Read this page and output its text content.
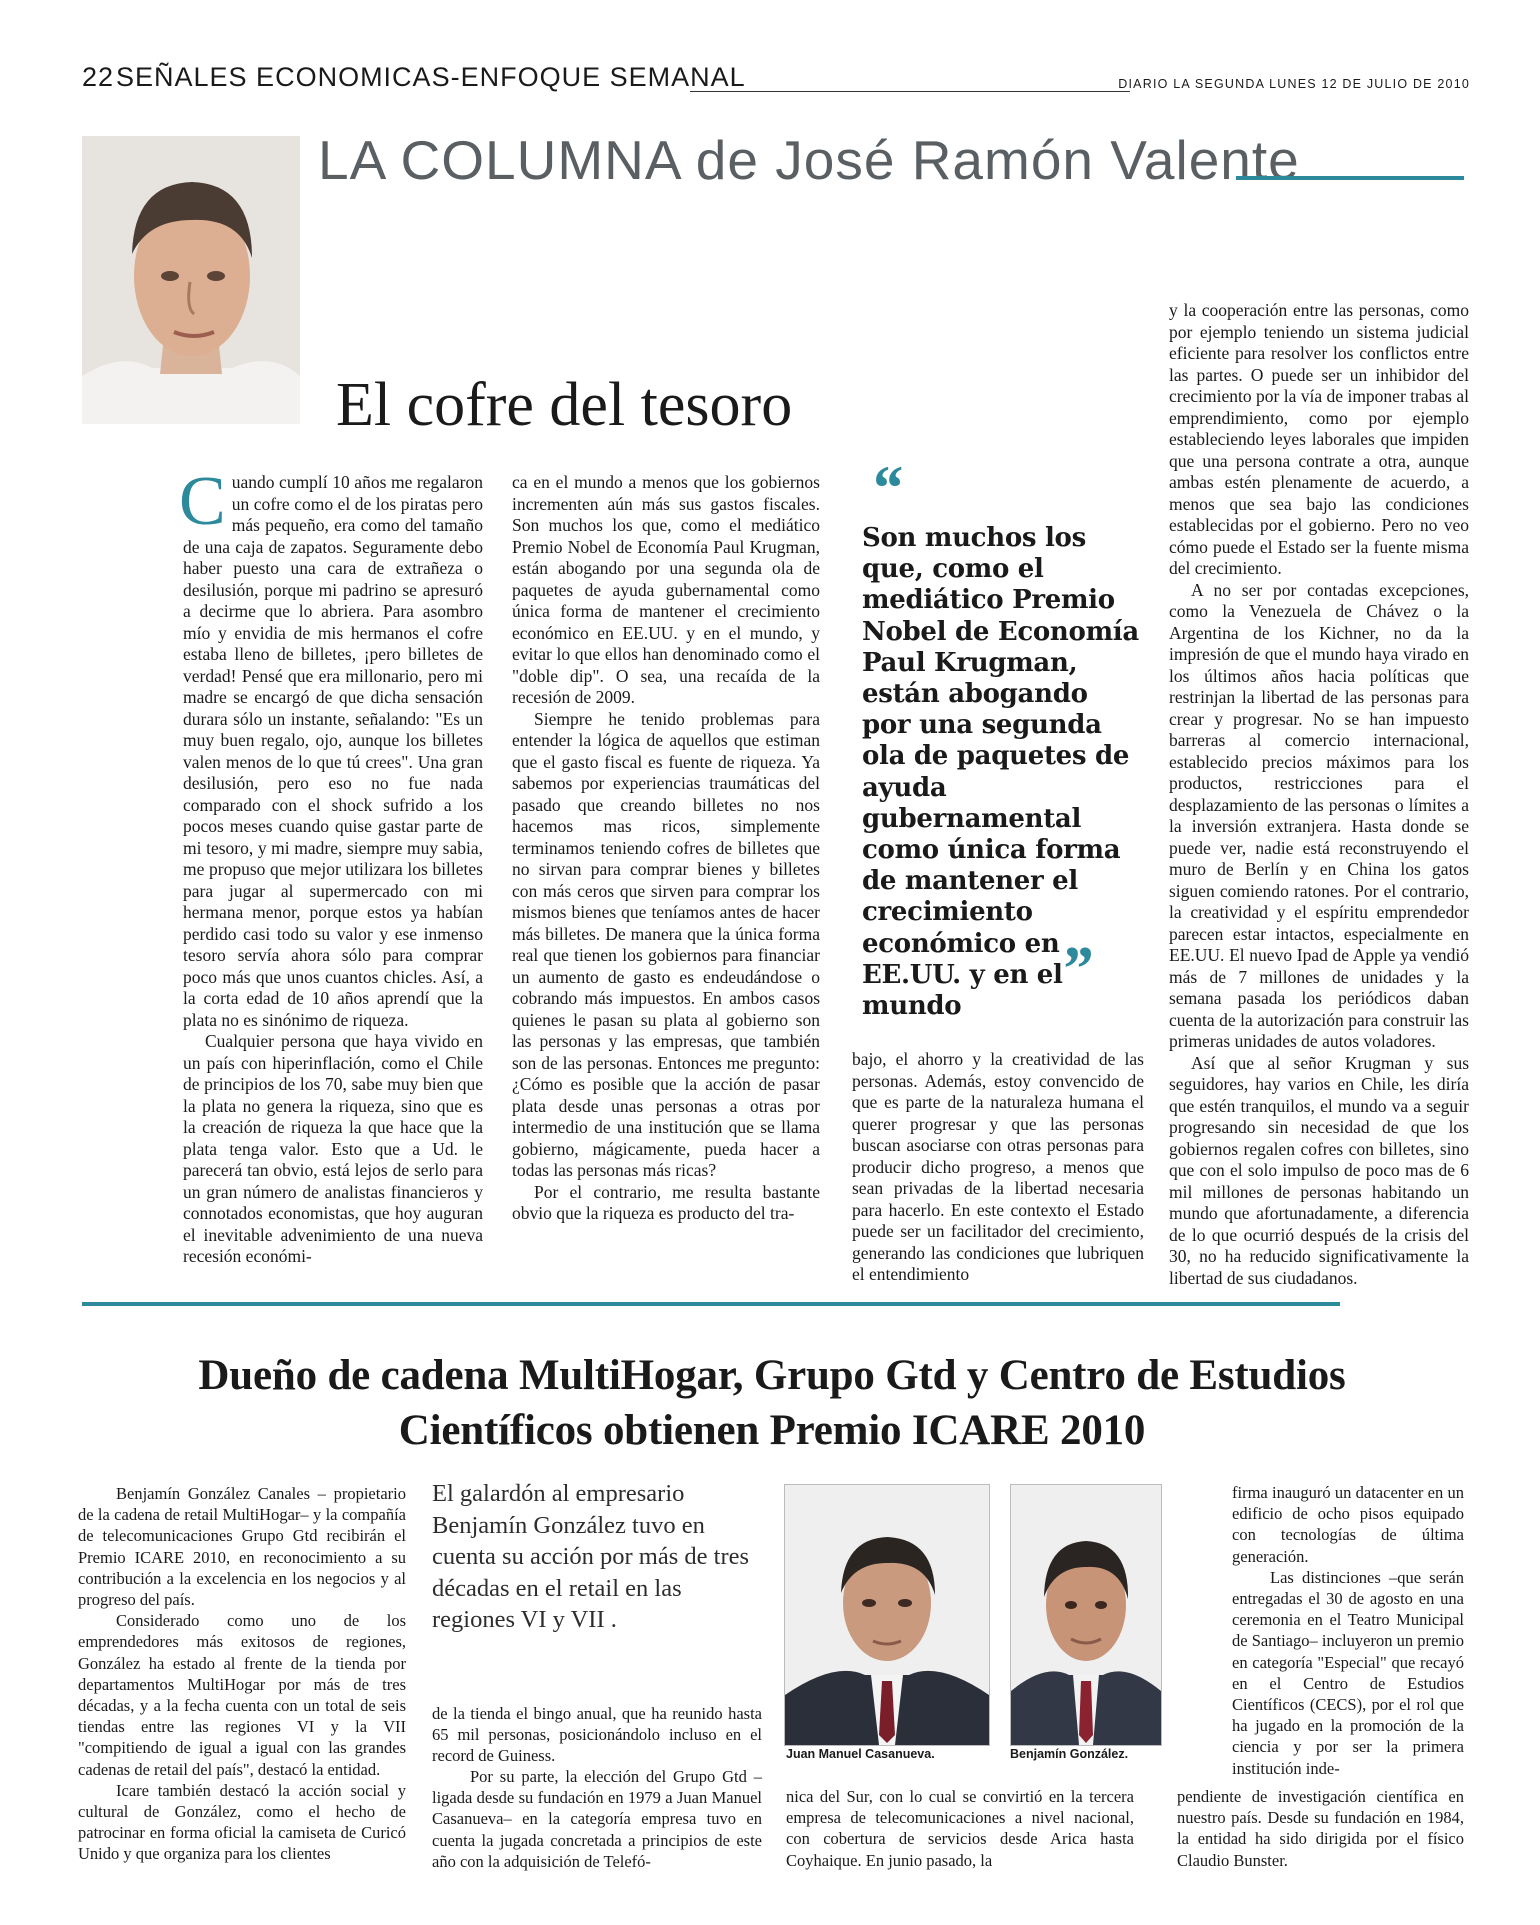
22 SEÑALES ECONOMICAS-ENFOQUE SEMANAL	DIARIO LA SEGUNDA LUNES 12 DE JULIO DE 2010
LA COLUMNA de José Ramón Valente
El cofre del tesoro

Cuando cumplí 10 años me regalaron un cofre como el de los piratas pero más pequeño, era como del tamaño de una caja de zapatos. Seguramente debo haber puesto una cara de extrañeza o desilusión, porque mi padrino se apresuró a decirme que lo abriera. Para asombro mío y envidia de mis hermanos el cofre estaba lleno de billetes, ¡pero billetes de verdad! Pensé que era millonario, pero mi madre se encargó de que dicha sensación durara sólo un instante, señalando: "Es un muy buen regalo, ojo, aunque los billetes valen menos de lo que tú crees". Una gran desilusión, pero eso no fue nada comparado con el shock sufrido a los pocos meses cuando quise gastar parte de mi tesoro, y mi madre, siempre muy sabia, me propuso que mejor utilizara los billetes para jugar al supermercado con mi hermana menor, porque estos ya habían perdido casi todo su valor y ese inmenso tesoro servía ahora sólo para comprar poco más que unos cuantos chicles. Así, a la corta edad de 10 años aprendí que la plata no es sinónimo de riqueza.

Cualquier persona que haya vivido en un país con hiperinflación, como el Chile de principios de los 70, sabe muy bien que la plata no genera la riqueza, sino que es la creación de riqueza la que hace que la plata tenga valor. Esto que a Ud. le parecerá tan obvio, está lejos de serlo para un gran número de analistas financieros y connotados economistas, que hoy auguran el inevitable advenimiento de una nueva recesión económi-

ca en el mundo a menos que los gobiernos incrementen aún más sus gastos fiscales. Son muchos los que, como el mediático Premio Nobel de Economía Paul Krugman, están abogando por una segunda ola de paquetes de ayuda gubernamental como única forma de mantener el crecimiento económico en EE.UU. y en el mundo, y evitar lo que ellos han denominado como el "doble dip". O sea, una recaída de la recesión de 2009.

Siempre he tenido problemas para entender la lógica de aquellos que estiman que el gasto fiscal es fuente de riqueza. Ya sabemos por experiencias traumáticas del pasado que creando billetes no nos hacemos mas ricos, simplemente terminamos teniendo cofres de billetes que no sirvan para comprar bienes y billetes con más ceros que sirven para comprar los mismos bienes que teníamos antes de hacer más billetes. De manera que la única forma real que tienen los gobiernos para financiar un aumento de gasto es endeudándose o cobrando más impuestos. En ambos casos quienes le pasan su plata al gobierno son las personas y las empresas, que también son de las personas. Entonces me pregunto: ¿Cómo es posible que la acción de pasar plata desde unas personas a otras por intermedio de una institución que se llama gobierno, mágicamente, pueda hacer a todas las personas más ricas?

Por el contrario, me resulta bastante obvio que la riqueza es producto del tra-

“
Son muchos los que, como el mediático Premio Nobel de Economía Paul Krugman, están abogando por una segunda ola de paquetes de ayuda gubernamental como única forma de mantener el crecimiento económico en EE.UU. y en el mundo
”

bajo, el ahorro y la creatividad de las personas. Además, estoy convencido de que es parte de la naturaleza humana el querer progresar y que las personas buscan asociarse con otras personas para producir dicho progreso, a menos que sean privadas de la libertad necesaria para hacerlo. En este contexto el Estado puede ser un facilitador del crecimiento, generando las condiciones que lubriquen el entendimiento

y la cooperación entre las personas, como por ejemplo teniendo un sistema judicial eficiente para resolver los conflictos entre las partes. O puede ser un inhibidor del crecimiento por la vía de imponer trabas al emprendimiento, como por ejemplo estableciendo leyes laborales que impiden que una persona contrate a otra, aunque ambas estén plenamente de acuerdo, a menos que sea bajo las condiciones establecidas por el gobierno. Pero no veo cómo puede el Estado ser la fuente misma del crecimiento.

A no ser por contadas excepciones, como la Venezuela de Chávez o la Argentina de los Kichner, no da la impresión de que el mundo haya virado en los últimos años hacia políticas que restrinjan la libertad de las personas para crear y progresar. No se han impuesto barreras al comercio internacional, establecido precios máximos para los productos, restricciones para el desplazamiento de las personas o límites a la inversión extranjera. Hasta donde se puede ver, nadie está reconstruyendo el muro de Berlín y en China los gatos siguen comiendo ratones. Por el contrario, la creatividad y el espíritu emprendedor parecen estar intactos, especialmente en EE.UU. El nuevo Ipad de Apple ya vendió más de 7 millones de unidades y la semana pasada los periódicos daban cuenta de la autorización para construir las primeras unidades de autos voladores.

Así que al señor Krugman y sus seguidores, hay varios en Chile, les diría que estén tranquilos, el mundo va a seguir progresando sin necesidad de que los gobiernos regalen cofres con billetes, sino que con el solo impulso de poco mas de 6 mil millones de personas habitando un mundo que afortunadamente, a diferencia de lo que ocurrió después de la crisis del 30, no ha reducido significativamente la libertad de sus ciudadanos.

Dueño de cadena MultiHogar, Grupo Gtd y Centro de Estudios
Científicos obtienen Premio ICARE 2010

Benjamín González Canales – propietario de la cadena de retail MultiHogar– y la compañía de telecomunicaciones Grupo Gtd recibirán el Premio ICARE 2010, en reconocimiento a su contribución a la excelencia en los negocios y al progreso del país.

Considerado como uno de los emprendedores más exitosos de regiones, González ha estado al frente de la tienda por departamentos MultiHogar por más de tres décadas, y a la fecha cuenta con un total de seis tiendas entre las regiones VI y la VII "compitiendo de igual a igual con las grandes cadenas de retail del país", destacó la entidad.

Icare también destacó la acción social y cultural de González, como el hecho de patrocinar en forma oficial la camiseta de Curicó Unido y que organiza para los clientes

El galardón al empresario Benjamín González tuvo en cuenta su acción por más de tres décadas en el retail en las regiones VI y VII .

de la tienda el bingo anual, que ha reunido hasta 65 mil personas, posicionándolo incluso en el record de Guiness.

Por su parte, la elección del Grupo Gtd –ligada desde su fundación en 1979 a Juan Manuel Casanueva– en la categoría empresa tuvo en cuenta la jugada concretada a principios de este año con la adquisición de Telefó-

Juan Manuel Casanueva.	Benjamín González.

nica del Sur, con lo cual se convirtió en la tercera empresa de telecomunicaciones a nivel nacional, con cobertura de servicios desde Arica hasta Coyhaique. En junio pasado, la

firma inauguró un datacenter en un edificio de ocho pisos equipado con tecnologías de última generación.

Las distinciones –que serán entregadas el 30 de agosto en una ceremonia en el Teatro Municipal de Santiago– incluyeron un premio en categoría "Especial" que recayó en el Centro de Estudios Científicos (CECS), por el rol que ha jugado en la promoción de la ciencia y por ser la primera institución inde-

pendiente de investigación científica en nuestro país. Desde su fundación en 1984, la entidad ha sido dirigida por el físico Claudio Bunster.
